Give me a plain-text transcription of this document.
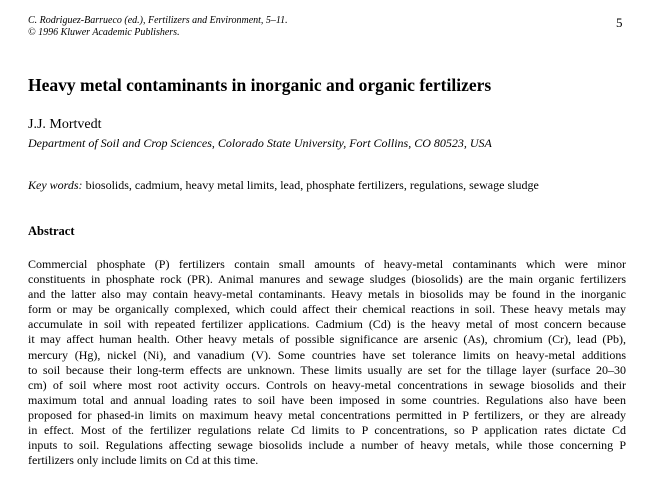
C. Rodriguez-Barrueco (ed.), Fertilizers and Environment, 5–11.
© 1996 Kluwer Academic Publishers.
5
Heavy metal contaminants in inorganic and organic fertilizers
J.J. Mortvedt
Department of Soil and Crop Sciences, Colorado State University, Fort Collins, CO 80523, USA
Key words: biosolids, cadmium, heavy metal limits, lead, phosphate fertilizers, regulations, sewage sludge
Abstract
Commercial phosphate (P) fertilizers contain small amounts of heavy-metal contaminants which were minor
constituents in phosphate rock (PR). Animal manures and sewage sludges (biosolids) are the main organic fertilizers
and the latter also may contain heavy-metal contaminants. Heavy metals in biosolids may be found in the inorganic
form or may be organically complexed, which could affect their chemical reactions in soil. These heavy metals may
accumulate in soil with repeated fertilizer applications. Cadmium (Cd) is the heavy metal of most concern because
it may affect human health. Other heavy metals of possible significance are arsenic (As), chromium (Cr), lead (Pb),
mercury (Hg), nickel (Ni), and vanadium (V). Some countries have set tolerance limits on heavy-metal additions
to soil because their long-term effects are unknown. These limits usually are set for the tillage layer (surface 20–30
cm) of soil where most root activity occurs. Controls on heavy-metal concentrations in sewage biosolids and their
maximum total and annual loading rates to soil have been imposed in some countries. Regulations also have been
proposed for phased-in limits on maximum heavy metal concentrations permitted in P fertilizers, or they are already
in effect. Most of the fertilizer regulations relate Cd limits to P concentrations, so P application rates dictate Cd
inputs to soil. Regulations affecting sewage biosolids include a number of heavy metals, while those concerning P
fertilizers only include limits on Cd at this time.
